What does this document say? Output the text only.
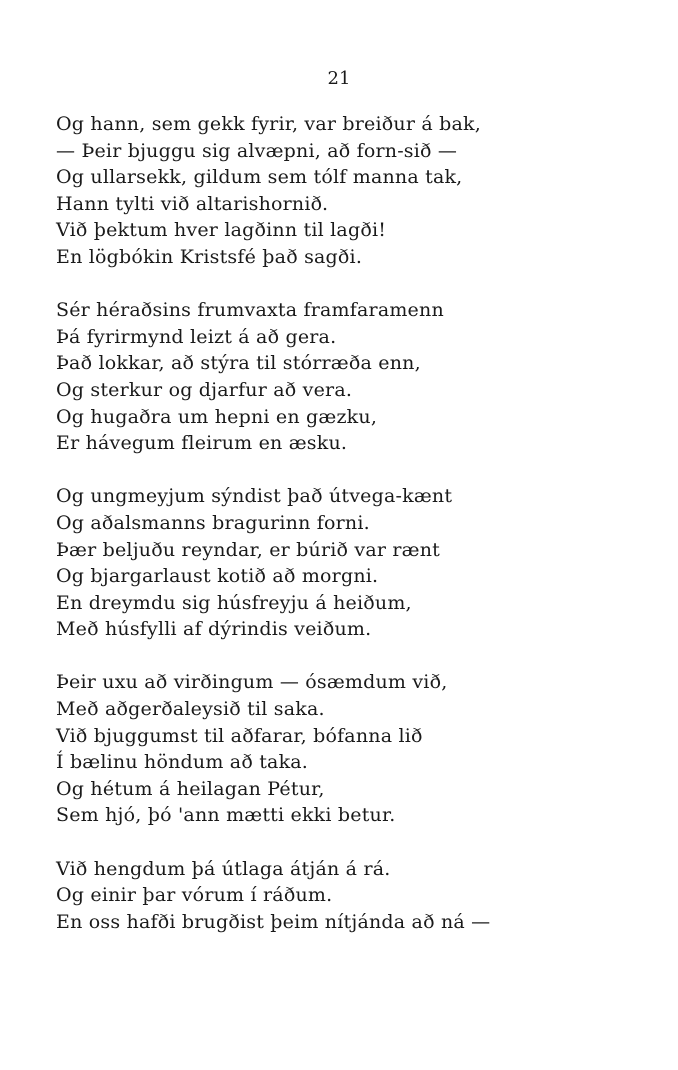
21
Og hann, sem gekk fyrir, var breiður á bak,
— Þeir bjuggu sig alvæpni, að forn-sið —
Og ullarsekk, gildum sem tólf manna tak,
Hann tylti við altarishornið.
Við þektum hver lagðinn til lagði!
En lögbókin Kristsfé það sagði.
Sér héraðsins frumvaxta framfaramenn
Þá fyrirmynd leizt á að gera.
Það lokkar, að stýra til stórræða enn,
Og sterkur og djarfur að vera.
Og hugaðra um hepni en gæzku,
Er hávegum fleirum en æsku.
Og ungmeyjum sýndist það útvega-kænt
Og aðalsmanns bragurinn forni.
Þær beljuðu reyndar, er búrið var rænt
Og bjargarlaust kotið að morgni.
En dreymdu sig húsfreyju á heiðum,
Með húsfylli af dýrindis veiðum.
Þeir uxu að virðingum — ósæmdum við,
Með aðgerðaleysið til saka.
Við bjuggumst til aðfarar, bófanna lið
Í bælinu höndum að taka.
Og hétum á heilagan Pétur,
Sem hjó, þó 'ann mætti ekki betur.
Við hengdum þá útlaga átján á rá.
Og einir þar vórum í ráðum.
En oss hafði brugðist þeim nítjánda að ná —
